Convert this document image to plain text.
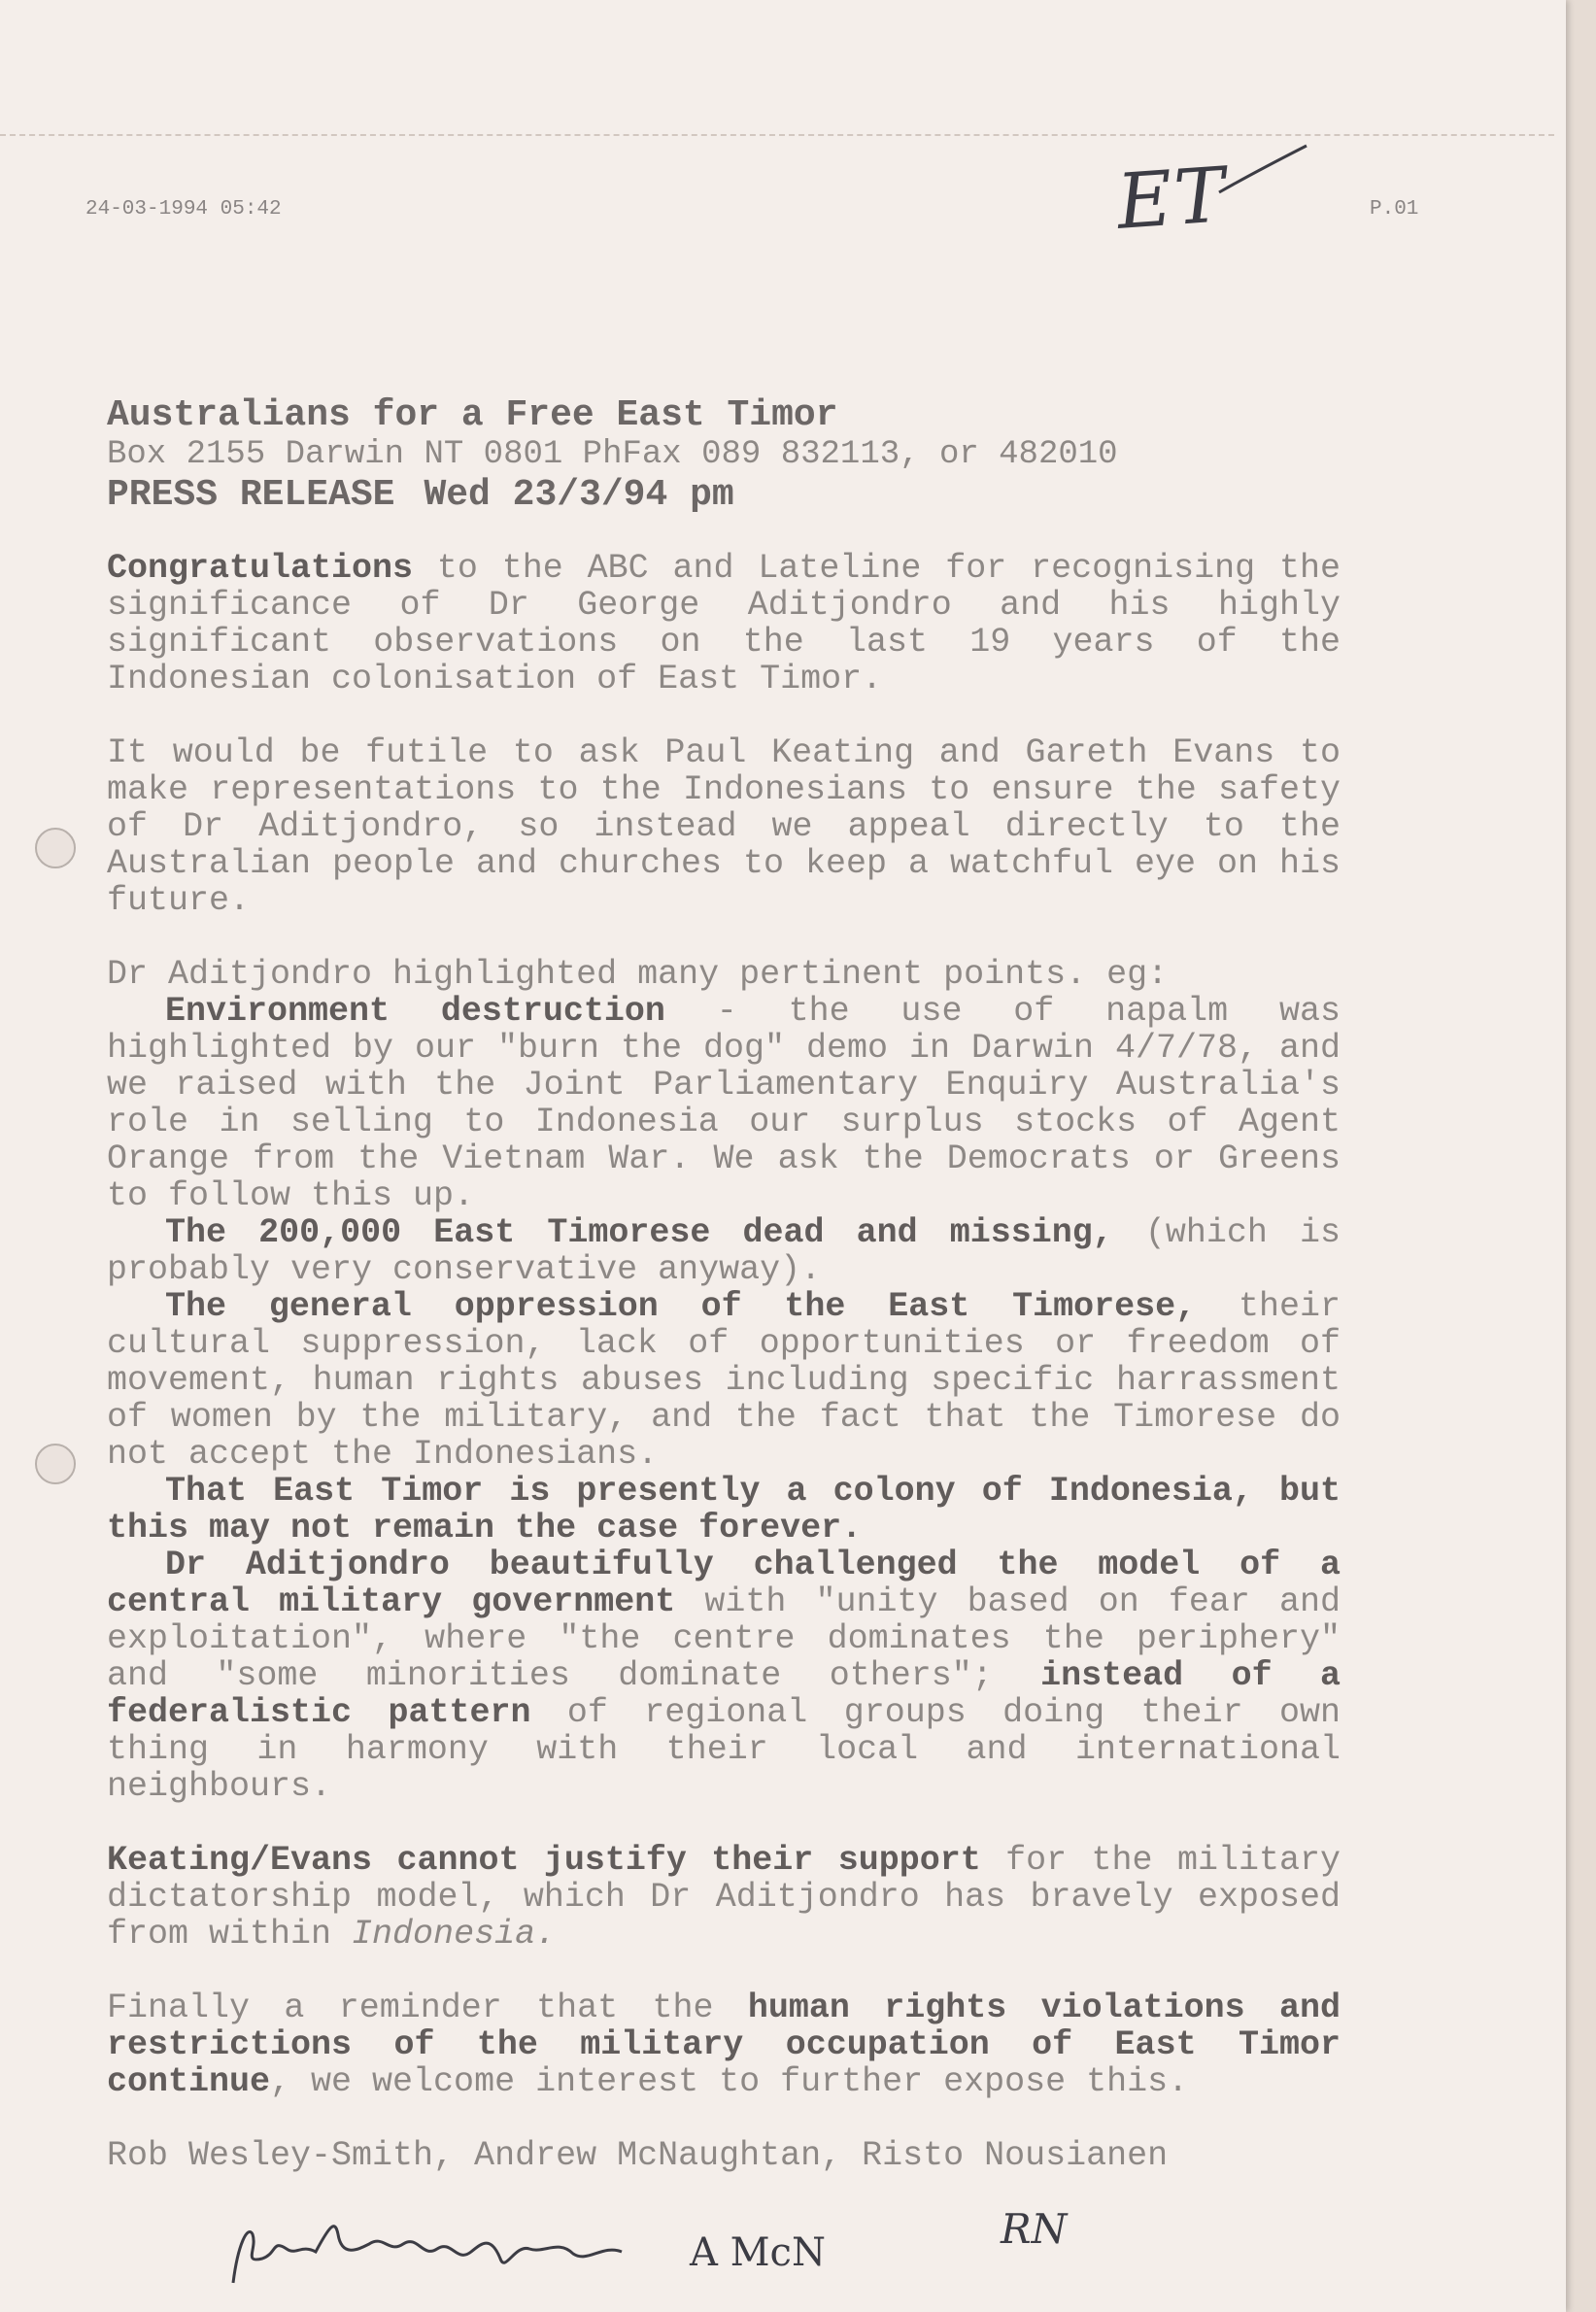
24-03-1994 05:42	P.01
ET
Australians for a Free East Timor
Box 2155 Darwin NT 0801 PhFax 089 832113, or 482010
PRESS RELEASE Wed 23/3/94 pm

Congratulations to the ABC and Lateline for recognising the significance of Dr George Aditjondro and his highly significant observations on the last 19 years of the Indonesian colonisation of East Timor.

It would be futile to ask Paul Keating and Gareth Evans to make representations to the Indonesians to ensure the safety of Dr Aditjondro, so instead we appeal directly to the Australian people and churches to keep a watchful eye on his future.

Dr Aditjondro highlighted many pertinent points. eg:
Environment destruction - the use of napalm was highlighted by our "burn the dog" demo in Darwin 4/7/78, and we raised with the Joint Parliamentary Enquiry Australia's role in selling to Indonesia our surplus stocks of Agent Orange from the Vietnam War. We ask the Democrats or Greens to follow this up.
The 200,000 East Timorese dead and missing, (which is probably very conservative anyway).
The general oppression of the East Timorese, their cultural suppression, lack of opportunities or freedom of movement, human rights abuses including specific harrassment of women by the military, and the fact that the Timorese do not accept the Indonesians.
That East Timor is presently a colony of Indonesia, but this may not remain the case forever.
Dr Aditjondro beautifully challenged the model of a central military government with "unity based on fear and exploitation", where "the centre dominates the periphery" and "some minorities dominate others"; instead of a federalistic pattern of regional groups doing their own thing in harmony with their local and international neighbours.

Keating/Evans cannot justify their support for the military dictatorship model, which Dr Aditjondro has bravely exposed from within Indonesia.

Finally a reminder that the human rights violations and restrictions of the military occupation of East Timor continue, we welcome interest to further expose this.

Rob Wesley-Smith, Andrew McNaughtan, Risto Nousianen
A McN	RN
